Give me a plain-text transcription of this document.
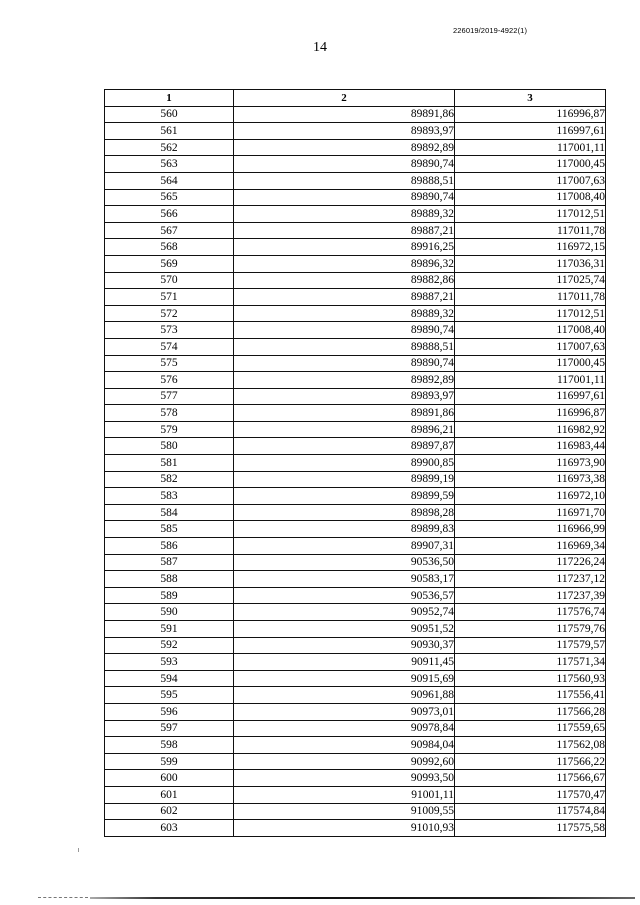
226019/2019-4922(1)
14
1	2	3
560	89891,86	116996,87
561	89893,97	116997,61
562	89892,89	117001,11
563	89890,74	117000,45
564	89888,51	117007,63
565	89890,74	117008,40
566	89889,32	117012,51
567	89887,21	117011,78
568	89916,25	116972,15
569	89896,32	117036,31
570	89882,86	117025,74
571	89887,21	117011,78
572	89889,32	117012,51
573	89890,74	117008,40
574	89888,51	117007,63
575	89890,74	117000,45
576	89892,89	117001,11
577	89893,97	116997,61
578	89891,86	116996,87
579	89896,21	116982,92
580	89897,87	116983,44
581	89900,85	116973,90
582	89899,19	116973,38
583	89899,59	116972,10
584	89898,28	116971,70
585	89899,83	116966,99
586	89907,31	116969,34
587	90536,50	117226,24
588	90583,17	117237,12
589	90536,57	117237,39
590	90952,74	117576,74
591	90951,52	117579,76
592	90930,37	117579,57
593	90911,45	117571,34
594	90915,69	117560,93
595	90961,88	117556,41
596	90973,01	117566,28
597	90978,84	117559,65
598	90984,04	117562,08
599	90992,60	117566,22
600	90993,50	117566,67
601	91001,11	117570,47
602	91009,55	117574,84
603	91010,93	117575,58
